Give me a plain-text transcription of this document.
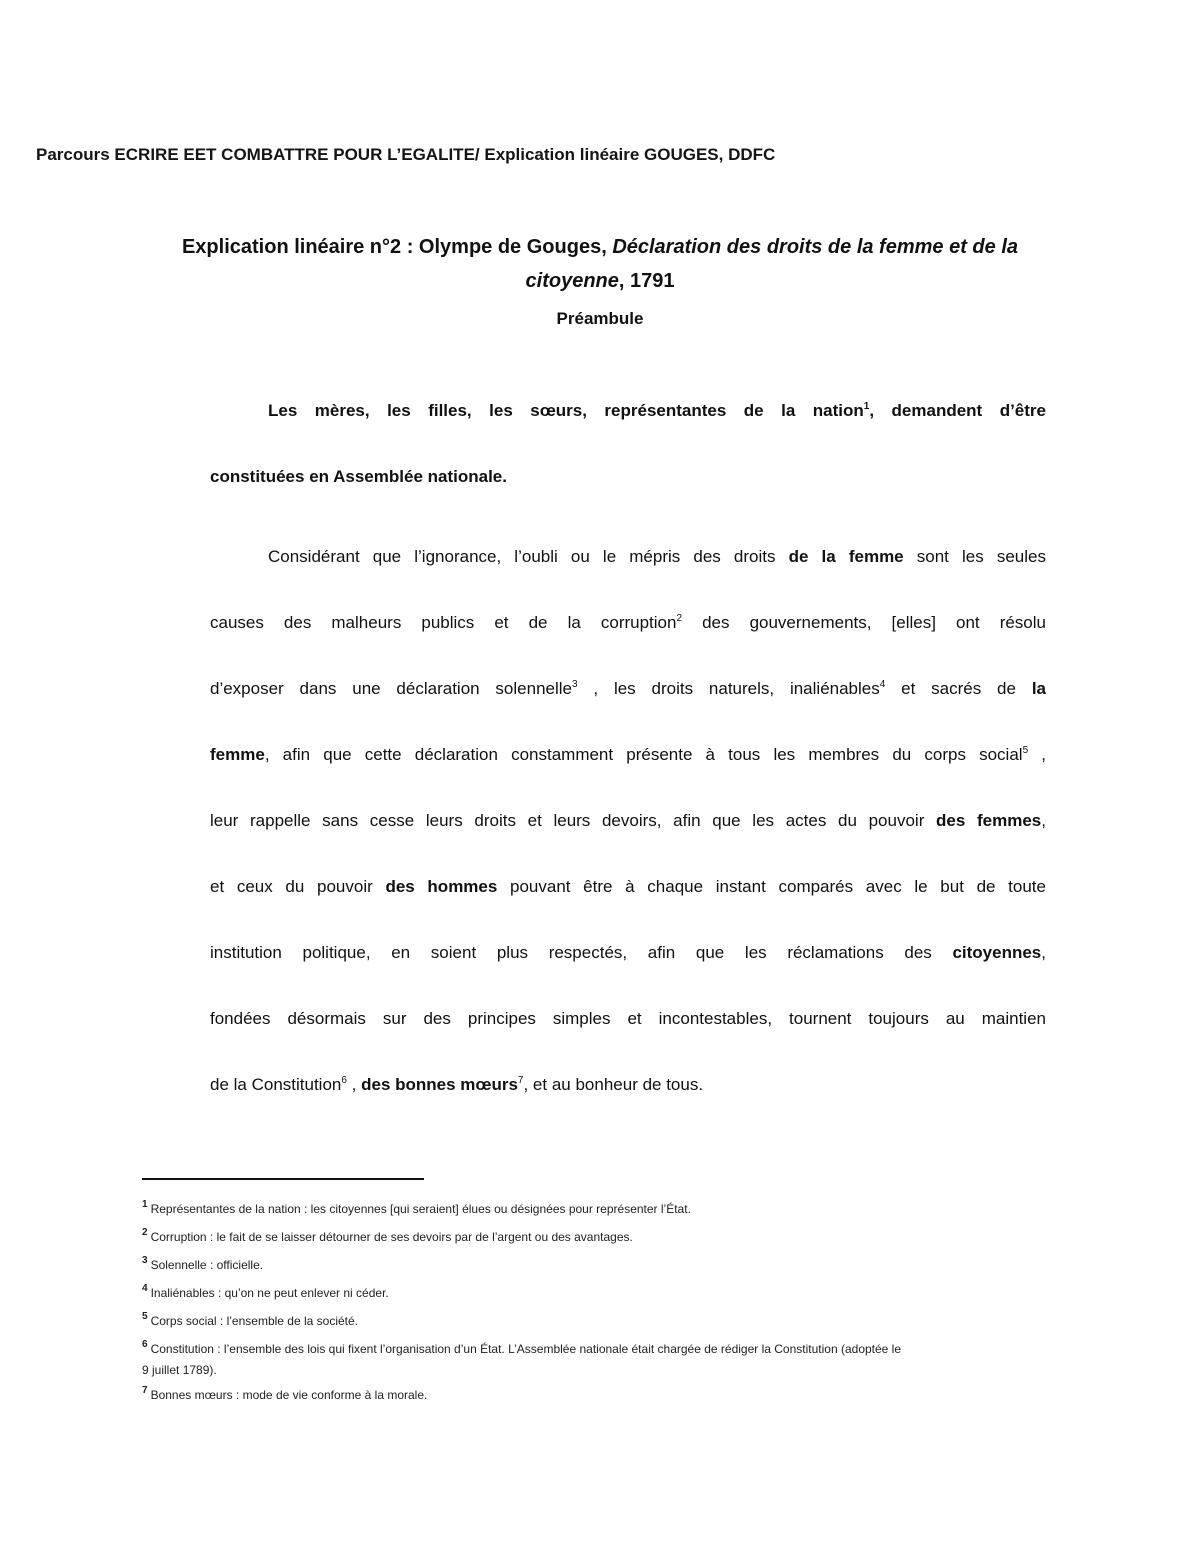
Parcours ECRIRE EET COMBATTRE POUR L’EGALITE/ Explication linéaire GOUGES, DDFC
Explication linéaire n°2 : Olympe de Gouges, Déclaration des droits de la femme et de la
citoyenne, 1791
Préambule
Les mères, les filles, les sœurs, représentantes de la nation$^1$, demandent d’être
constituées en Assemblée nationale.
Considérant que l’ignorance, l’oubli ou le mépris des droits de la femme sont les seules
causes des malheurs publics et de la corruption$^2$ des gouvernements, [elles] ont résolu
d’exposer dans une déclaration solennelle$^3$ , les droits naturels, inaliénables$^4$ et sacrés de la
femme, afin que cette déclaration constamment présente à tous les membres du corps social$^5$ ,
leur rappelle sans cesse leurs droits et leurs devoirs, afin que les actes du pouvoir des femmes,
et ceux du pouvoir des hommes pouvant être à chaque instant comparés avec le but de toute
institution politique, en soient plus respectés, afin que les réclamations des citoyennes,
fondées désormais sur des principes simples et incontestables, tournent toujours au maintien
de la Constitution$^6$ , des bonnes mœurs$^7$, et au bonheur de tous.
$^1$ Représentantes de la nation : les citoyennes [qui seraient] élues ou désignées pour représenter l’État.
$^2$ Corruption : le fait de se laisser détourner de ses devoirs par de l’argent ou des avantages.
$^3$ Solennelle : officielle.
$^4$ Inaliénables : qu’on ne peut enlever ni céder.
$^5$ Corps social : l’ensemble de la société.
$^6$ Constitution : l’ensemble des lois qui fixent l’organisation d’un État. L’Assemblée nationale était chargée de rédiger la Constitution (adoptée le
9 juillet 1789).
$^7$ Bonnes mœurs : mode de vie conforme à la morale.
